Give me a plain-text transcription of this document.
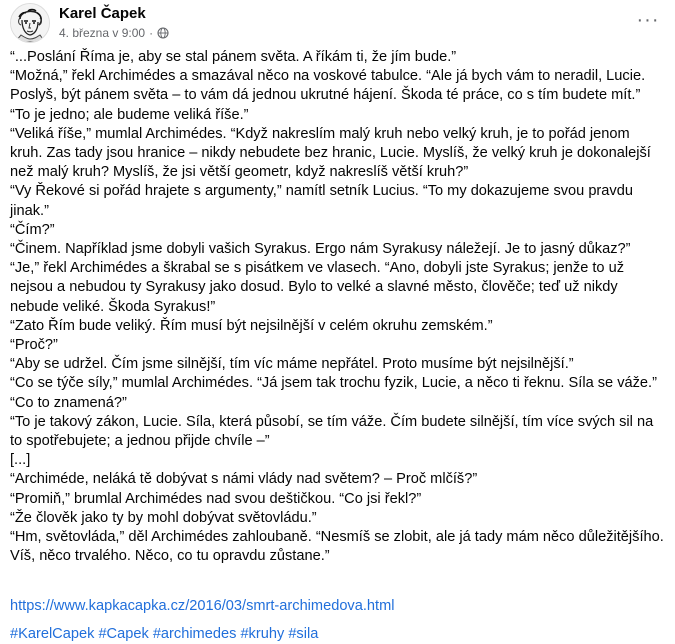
Karel Čapek
4. března v 9:00 ·
···

“...Poslání Říma je, aby se stal pánem světa. A říkám ti, že jím bude.”

“Možná,” řekl Archimédes a smazával něco na voskové tabulce. “Ale já bych vám to neradil, Lucie. Poslyš, být pánem světa – to vám dá jednou ukrutné hájení. Škoda té práce, co s tím budete mít.”

“To je jedno; ale budeme veliká říše.”

“Veliká říše,” mumlal Archimédes. “Když nakreslím malý kruh nebo velký kruh, je to pořád jenom kruh. Zas tady jsou hranice – nikdy nebudete bez hranic, Lucie. Myslíš, že velký kruh je dokonalejší než malý kruh? Myslíš, že jsi větší geometr, když nakreslíš větší kruh?”

“Vy Řekové si pořád hrajete s argumenty,” namítl setník Lucius. “To my dokazujeme svou pravdu jinak.”

“Čím?”

“Činem. Například jsme dobyli vašich Syrakus. Ergo nám Syrakusy náležejí. Je to jasný důkaz?”

“Je,” řekl Archimédes a škrabal se s pisátkem ve vlasech. “Ano, dobyli jste Syrakus; jenže to už nejsou a nebudou ty Syrakusy jako dosud. Bylo to velké a slavné město, člověče; teď už nikdy nebude veliké. Škoda Syrakus!”

“Zato Řím bude veliký. Řím musí být nejsilnější v celém okruhu zemském.”

“Proč?”

“Aby se udržel. Čím jsme silnější, tím víc máme nepřátel. Proto musíme být nejsilnější.”

“Co se týče síly,” mumlal Archimédes. “Já jsem tak trochu fyzik, Lucie, a něco ti řeknu. Síla se váže.”

“Co to znamená?”

“To je takový zákon, Lucie. Síla, která působí, se tím váže. Čím budete silnější, tím více svých sil na to spotřebujete; a jednou přijde chvíle –”

[...]

“Archiméde, neláká tě dobývat s námi vlády nad světem? – Proč mlčíš?”

“Promiň,” brumlal Archimédes nad svou deštičkou. “Co jsi řekl?”

“Že člověk jako ty by mohl dobývat světovládu.”

“Hm, světovláda,” děl Archimédes zahloubaně. “Nesmíš se zlobit, ale já tady mám něco důležitějšího. Víš, něco trvalého. Něco, co tu opravdu zůstane.”

https://www.kapkacapka.cz/2016/03/smrt-archimedova.html
#KarelCapek #Capek #archimedes #kruhy #sila
